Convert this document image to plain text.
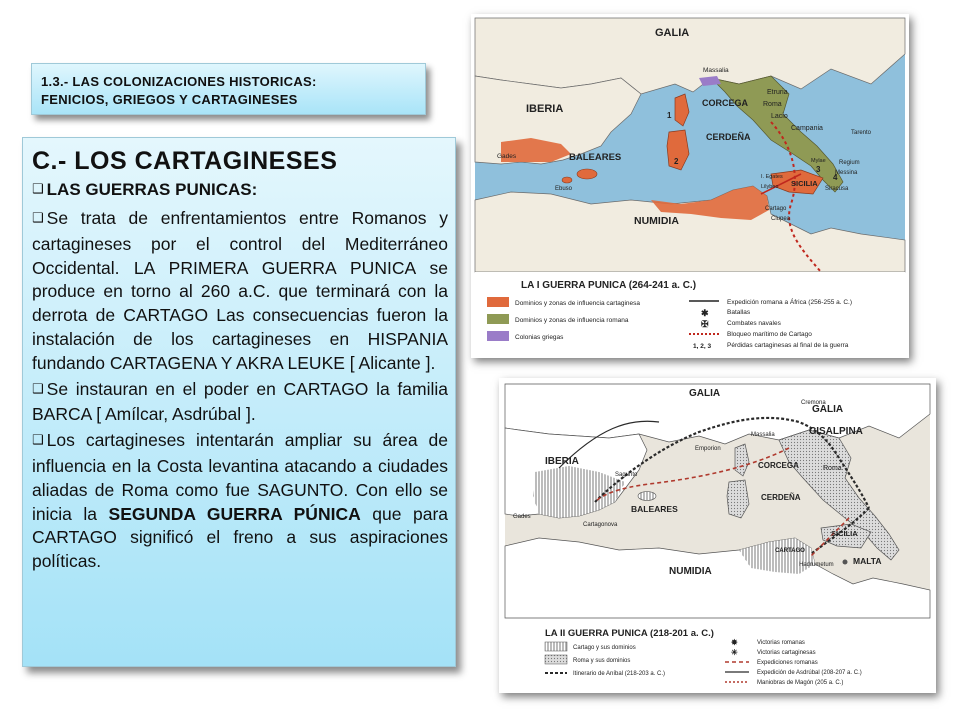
1.3.- LAS COLONIZACIONES HISTORICAS:
FENICIOS, GRIEGOS Y CARTAGINESES
C.- LOS CARTAGINESES
❑ LAS GUERRAS PUNICAS:

❑ Se trata de enfrentamientos entre Romanos y cartagineses por el control del Mediterráneo Occidental. LA PRIMERA GUERRA PUNICA se produce en torno al 260 a.C. que terminará con la derrota de CARTAGO Las consecuencias fueron la instalación de los cartagineses en HISPANIA fundando CARTAGENA Y AKRA LEUKE [ Alicante ].

❑ Se instauran en el poder en CARTAGO la familia BARCA [ Amílcar, Asdrúbal ].

❑ Los cartagineses intentarán ampliar su área de influencia en la Costa levantina atacando a ciudades aliadas de Roma como fue SAGUNTO. Con ello se inicia la SEGUNDA GUERRA PÚNICA que para CARTAGO significó el freno a sus aspiraciones políticas.

GALIA
IBERIA	CORCEGA
CERDEÑA
BALEARES
NUMIDIA
SICILIA
Roma
Lacio
Campania
Etruria
Massalia
Gades
Ebuso
Cartago
Clupea
Siracusa
Regium
Messina
I. Egates
Lilybeo
Tarento
Mylae
1
2
3
4
LA I GUERRA PUNICA (264-241 a. C.)
Dominios y zonas de influencia cartaginesa
Dominios y zonas de influencia romana
Colonias griegas
Expedición romana a África (256-255 a. C.)
✱	Batallas
✠	Combates navales
Bloqueo marítimo de Cartago
1, 2, 3 Pérdidas cartaginesas al final de la guerra
GALIA
GALIA
CISALPINA
IBERIA	CORCEGA
CERDEÑA
BALEARES
NUMIDIA
SICILIA
MALTA
Roma
CARTAGO
Cartagonova
Gades
Sagunto
Massalia
Emporion
Hadrumetum
Cremona
LA II GUERRA PUNICA (218-201 a. C.)
Cartago y sus dominios
Roma y sus dominios
Itinerario de Aníbal (218-203 a. C.)
✸	Victorias romanas
✳	Victorias cartaginesas
Expediciones romanas
Expedición de Asdrúbal (208-207 a. C.)
Maniobras de Magón (205 a. C.)
